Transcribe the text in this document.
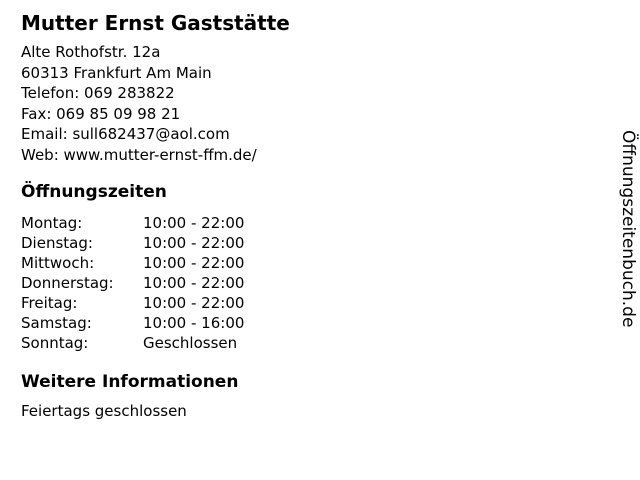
Mutter Ernst Gaststätte
Alte Rothofstr. 12a
60313 Frankfurt Am Main
Telefon: 069 283822
Fax: 069 85 09 98 21
Email: sull682437@aol.com
Web: www.mutter-ernst-ffm.de/
Öffnungszeiten
Montag:	10:00 - 22:00
Dienstag:	10:00 - 22:00
Mittwoch:	10:00 - 22:00
Donnerstag: 10:00 - 22:00
Freitag:	10:00 - 22:00
Samstag:	10:00 - 16:00
Sonntag:	Geschlossen
Weitere Informationen

Feiertags geschlossen

Öffnungszeitenbuch.de
